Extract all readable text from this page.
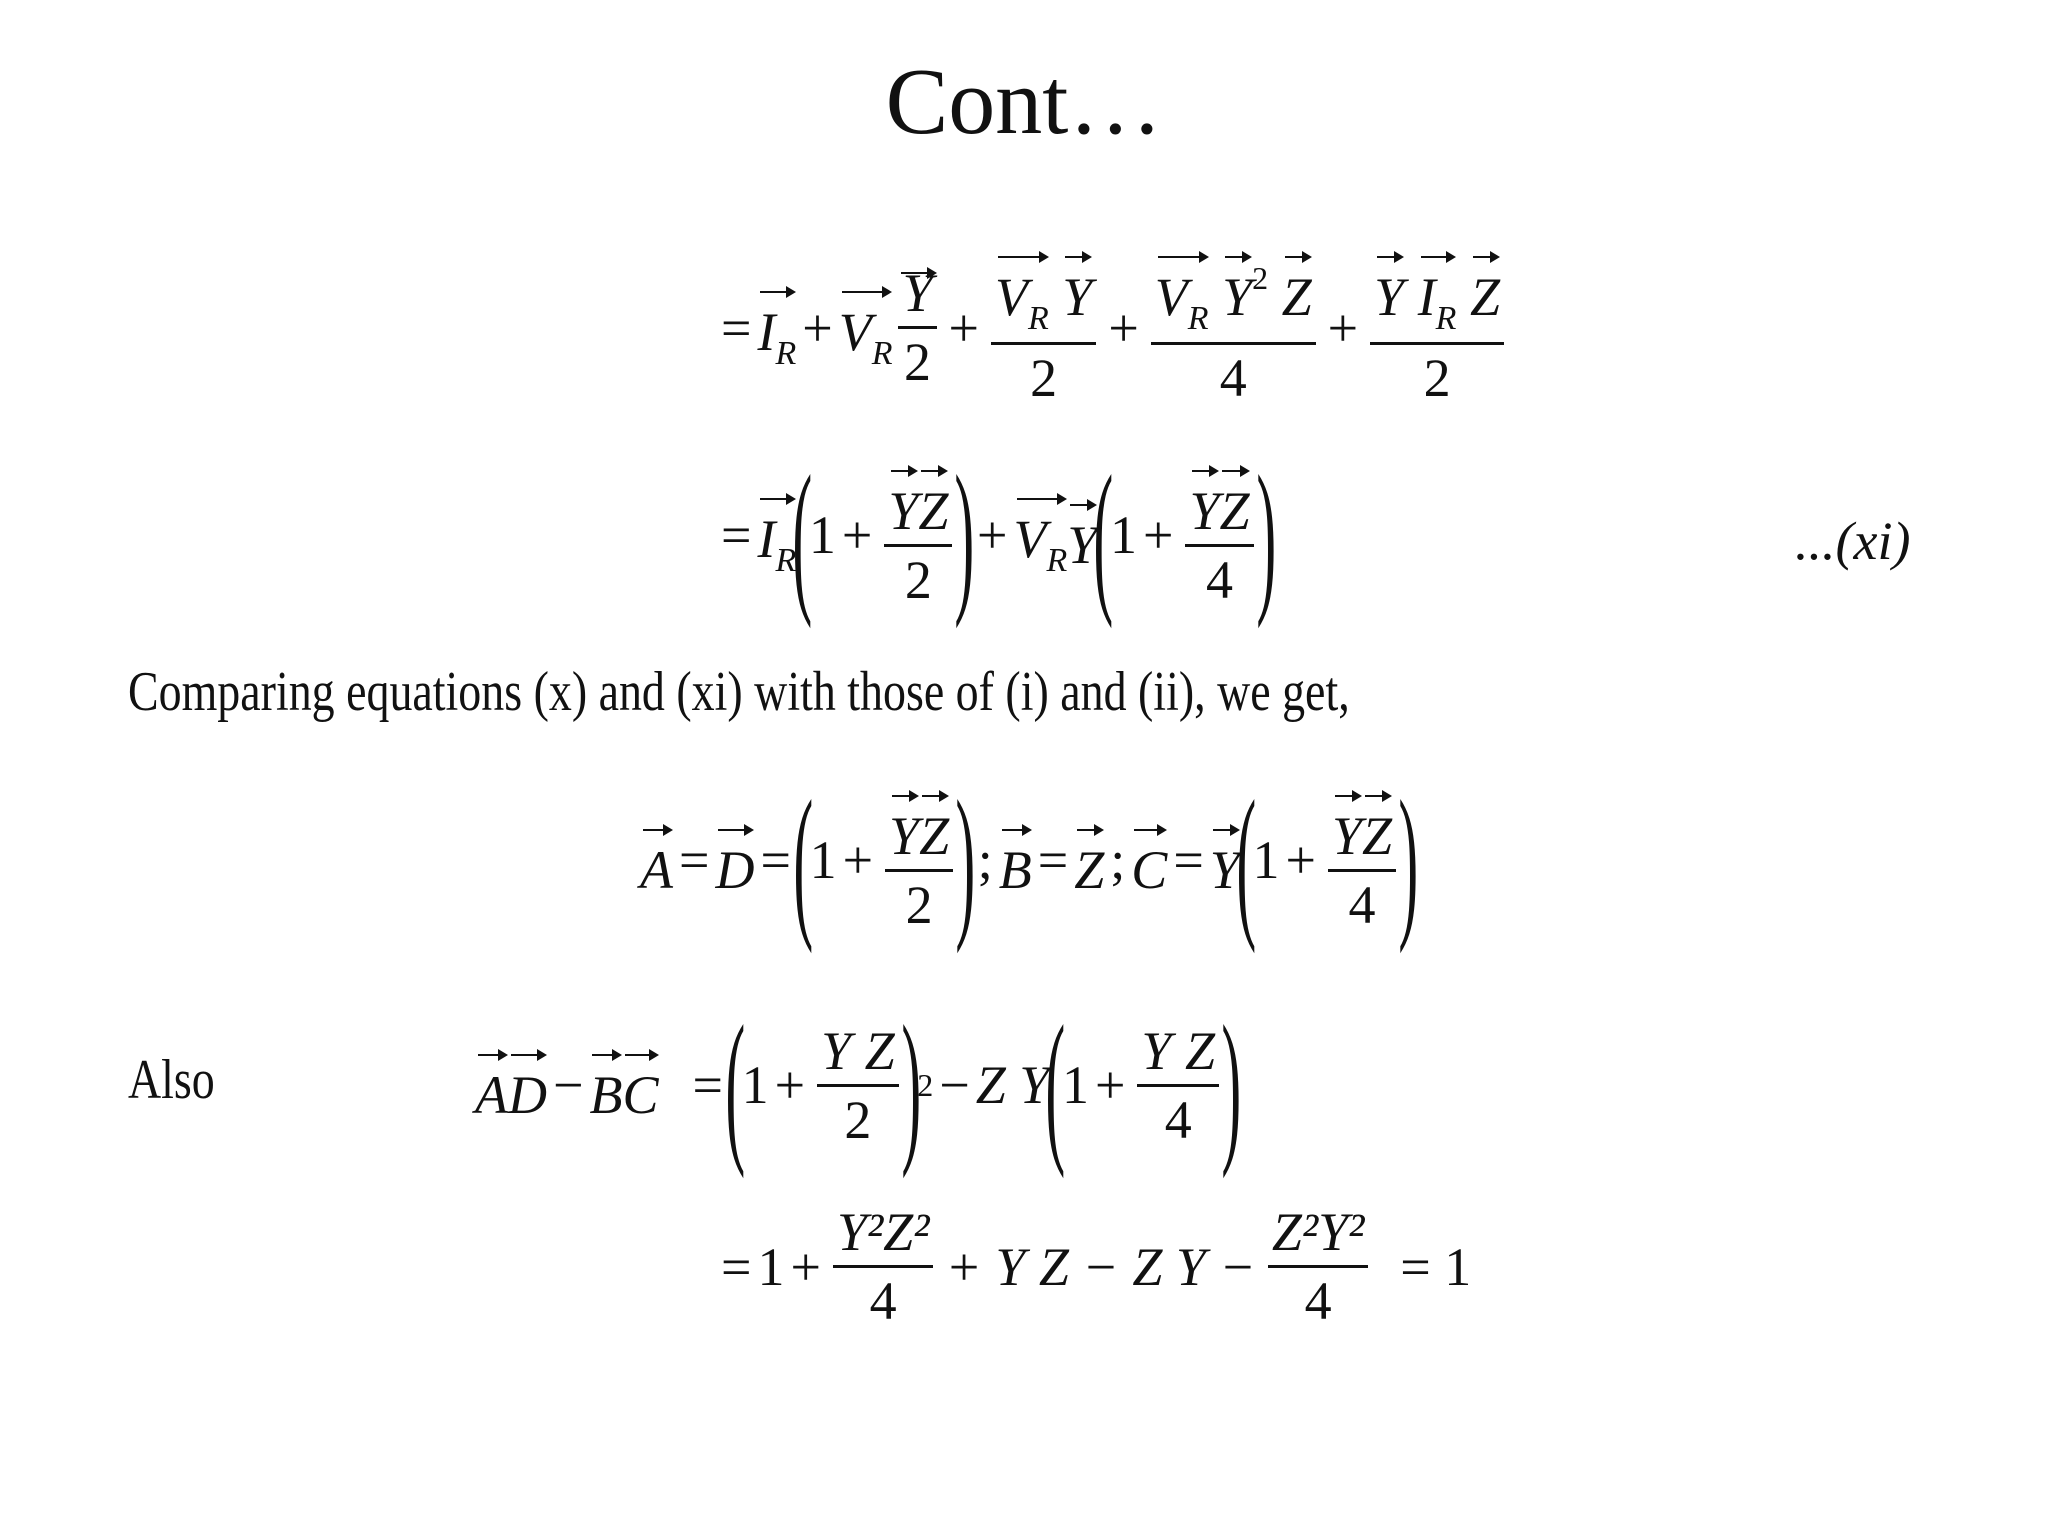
Cont…
= $I_R + V_R \frac{Y}{2} + \frac{V_R Y}{2} + \frac{V_R Y^2 Z}{4} + \frac{Y I_R Z}{2}$
= $I_R$
(
$1 + \frac{YZ}{2}$ ) + $V_R$ Y
(
$1 + \frac{YZ}{4}$ )	...(xi)
Comparing equations (x) and (xi) with those of (i) and (ii), we get,
A = D = (
$1 + \frac{YZ}{2}$ ) ; B = Z ; C = Y
(
$1 + \frac{YZ}{4}$ )
Also	A D − B C = (
$1 + \frac{\text{Y Z}}{2}$ )
2 − Z Y
(
$1 + \frac{\text{Y Z}}{4}$ )
= $1 + \frac{\text{Y²Z²}}{4} + Y$ Z − Z $Y - \frac{\text{Z²Y²}}{4} = 1$
